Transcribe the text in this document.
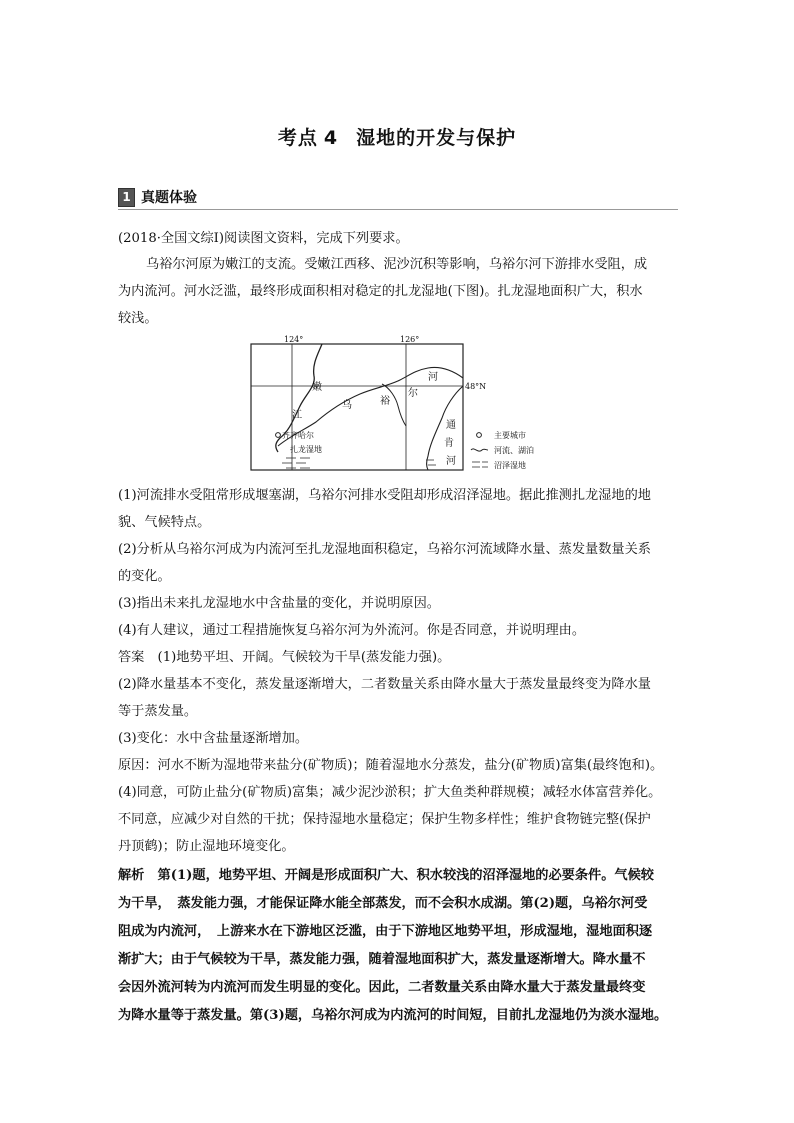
考点 4 湿地的开发与保护
1 真题体验
(2018·全国文综Ⅰ)阅读图文资料，完成下列要求。
乌裕尔河原为嫩江的支流。受嫩江西移、泥沙沉积等影响，乌裕尔河下游排水受阻，成
为内流河。河水泛滥，最终形成面积相对稳定的扎龙湿地(下图)。扎龙湿地面积广大，积水
较浅。
124°	126°
48°N
嫩
江
乌	裕
尔
河
通
肯
河
齐齐哈尔
扎龙湿地
主要城市
河流、湖泊
沼泽湿地
(1)河流排水受阻常形成堰塞湖，乌裕尔河排水受阻却形成沼泽湿地。据此推测扎龙湿地的地
貌、气候特点。
(2)分析从乌裕尔河成为内流河至扎龙湿地面积稳定，乌裕尔河流域降水量、蒸发量数量关系
的变化。
(3)指出未来扎龙湿地水中含盐量的变化，并说明原因。
(4)有人建议，通过工程措施恢复乌裕尔河为外流河。你是否同意，并说明理由。
答案　(1)地势平坦、开阔。气候较为干旱(蒸发能力强)。
(2)降水量基本不变化，蒸发量逐渐增大，二者数量关系由降水量大于蒸发量最终变为降水量
等于蒸发量。
(3)变化：水中含盐量逐渐增加。
原因：河水不断为湿地带来盐分(矿物质)；随着湿地水分蒸发，盐分(矿物质)富集(最终饱和)。
(4)同意，可防止盐分(矿物质)富集；减少泥沙淤积；扩大鱼类种群规模；减轻水体富营养化。
不同意，应减少对自然的干扰；保持湿地水量稳定；保护生物多样性；维护食物链完整(保护
丹顶鹤)；防止湿地环境变化。
解析　第(1)题，地势平坦、开阔是形成面积广大、积水较浅的沼泽湿地的必要条件。气候较
为干旱，　蒸发能力强，才能保证降水能全部蒸发，而不会积水成湖。第(2)题，乌裕尔河受
阻成为内流河，　上游来水在下游地区泛滥，由于下游地区地势平坦，形成湿地，湿地面积逐
渐扩大；由于气候较为干旱，蒸发能力强，随着湿地面积扩大，蒸发量逐渐增大。降水量不
会因外流河转为内流河而发生明显的变化。因此，二者数量关系由降水量大于蒸发量最终变
为降水量等于蒸发量。第(3)题，乌裕尔河成为内流河的时间短，目前扎龙湿地仍为淡水湿地。
